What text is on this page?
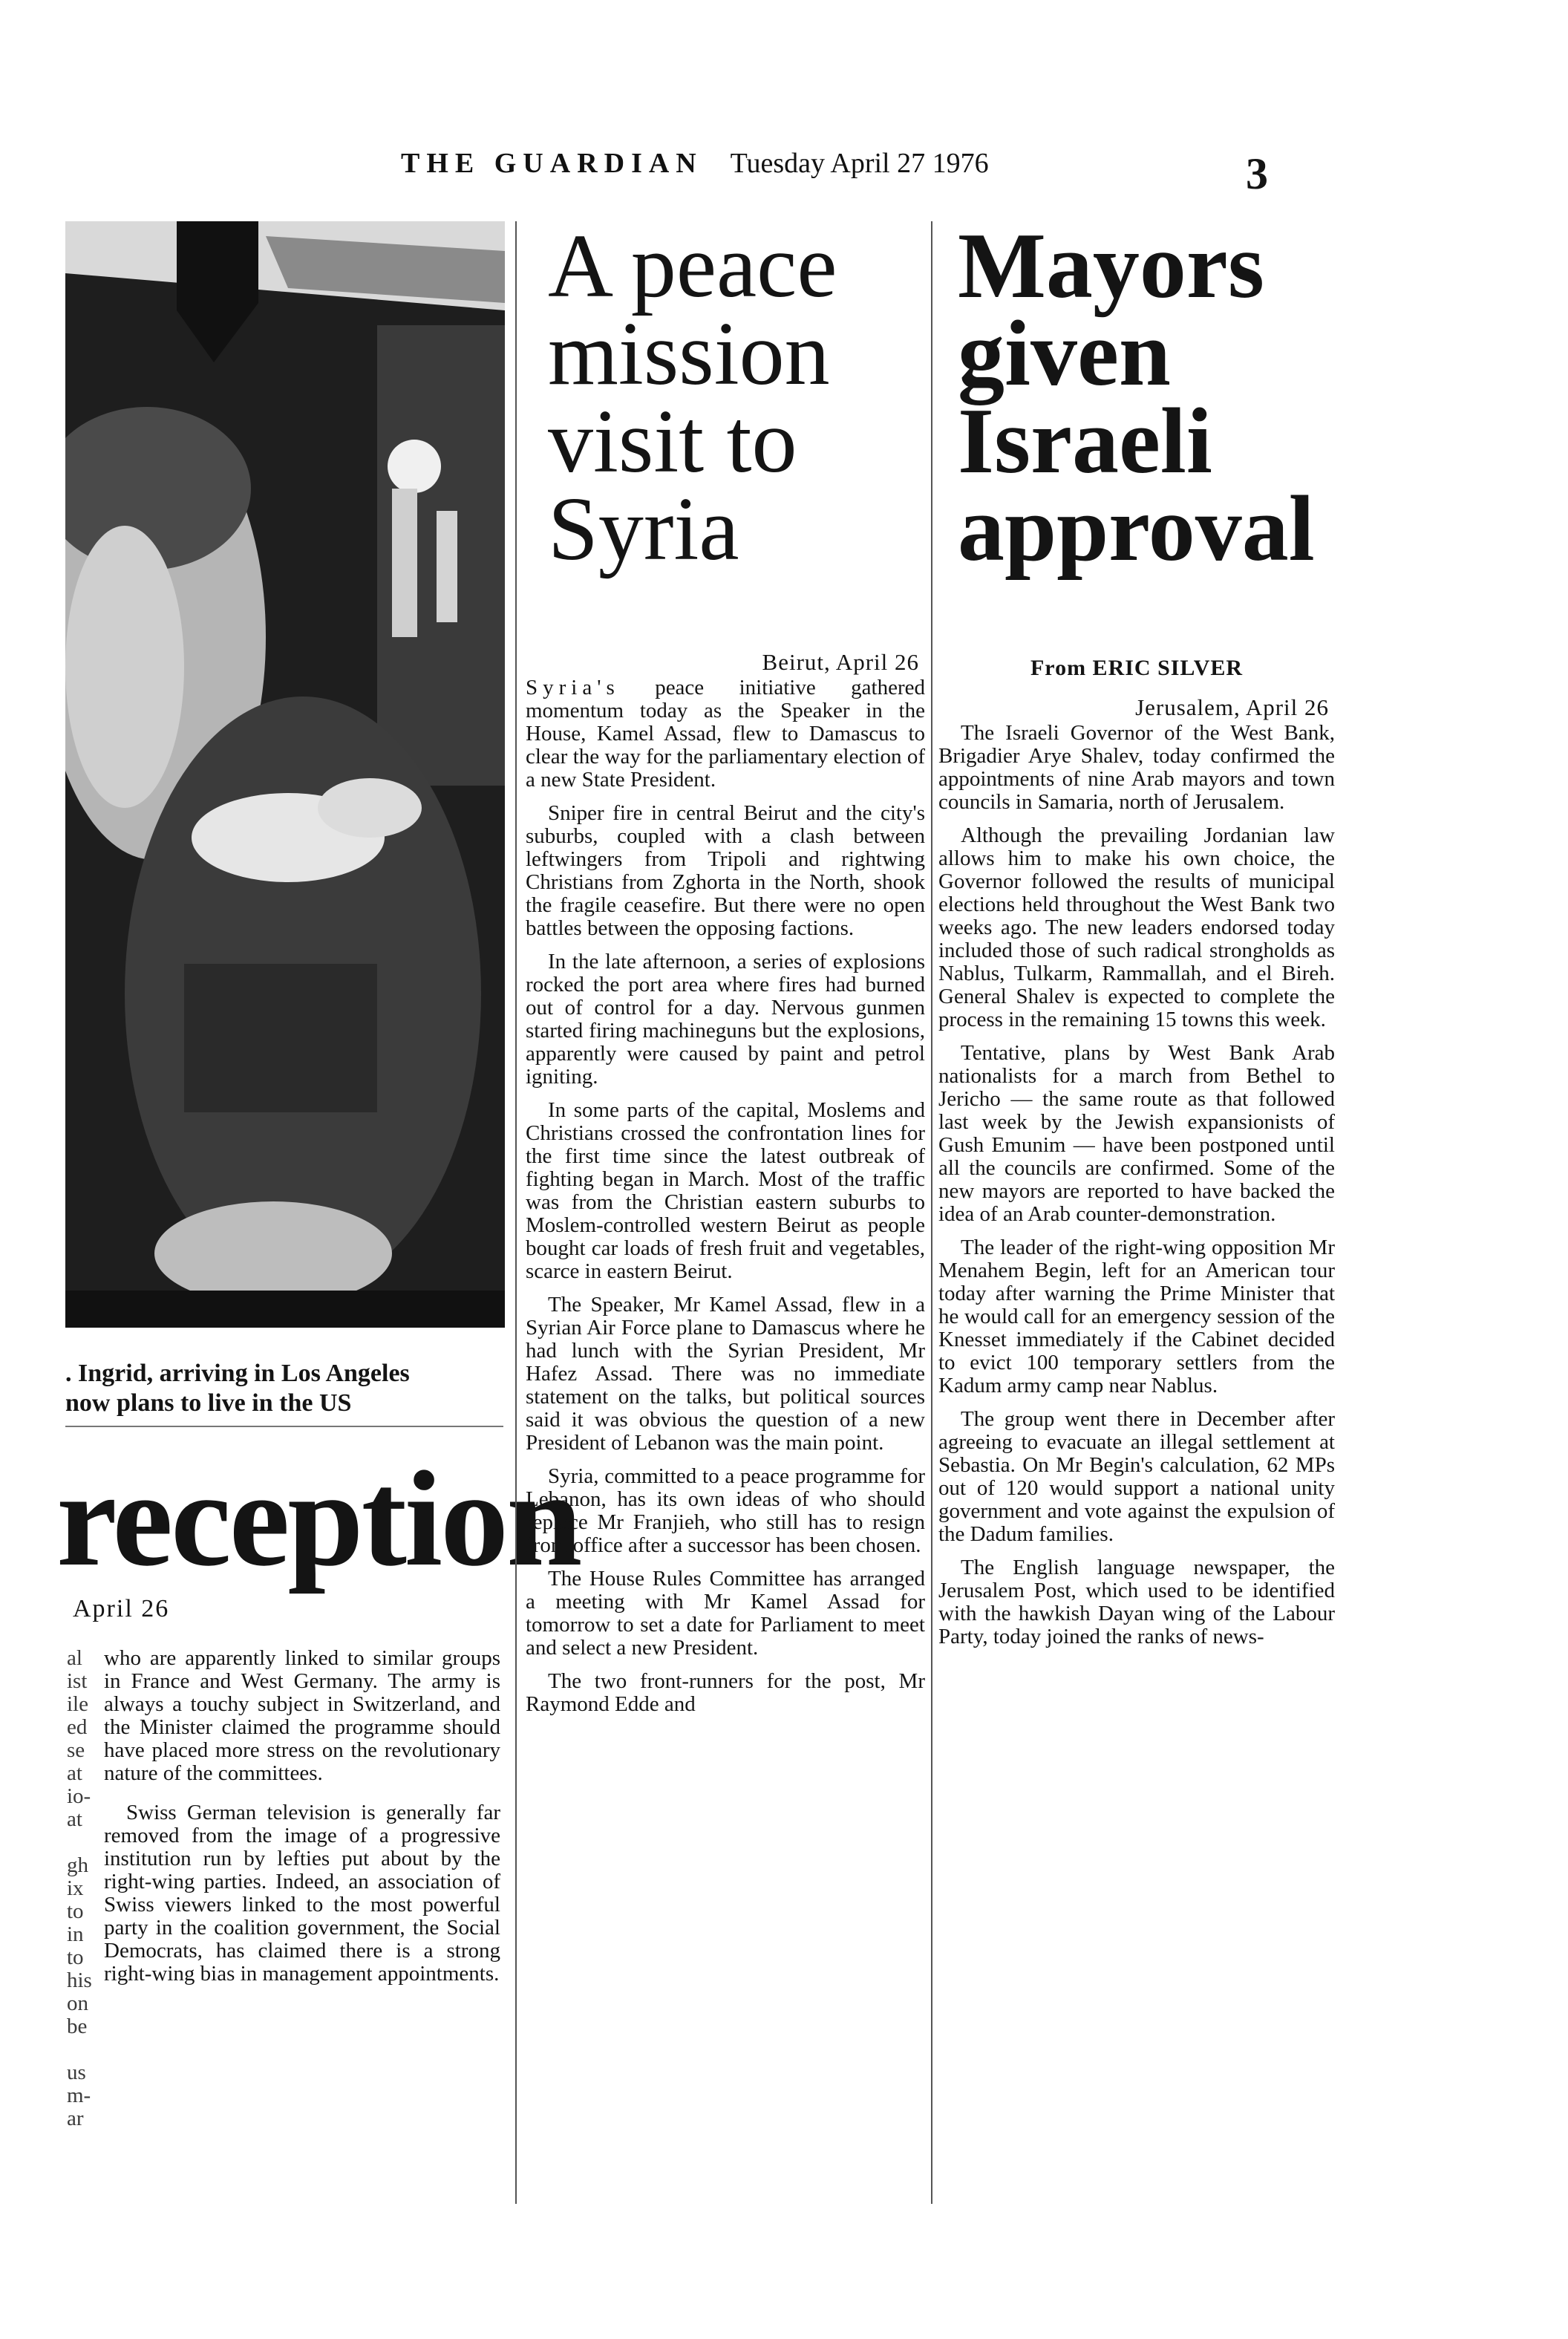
THE GUARDIAN Tuesday April 27 1976	3
. Ingrid, arriving in Los Angeles
now plans to live in the US
reception

April 26

al
ist
ile
ed
se
at
io-
at
gh
ix
to
in
to
his
on
be
us
m-
ar

who are apparently linked to similar groups in France and West Germany. The army is always a touchy subject in Switzerland, and the Minister claimed the programme should have placed more stress on the revolutionary nature of the committees.

Swiss German television is generally far removed from the image of a progressive institution run by lefties put about by the right-wing parties. Indeed, an association of Swiss viewers linked to the most powerful party in the coalition government, the Social Democrats, has claimed there is a strong right-wing bias in management appointments.

A peace
mission
visit to
Syria
Beirut, April 26

Syria's peace initiative gathered momentum today as the Speaker in the House, Kamel Assad, flew to Damascus to clear the way for the parliamentary election of a new State President.

Sniper fire in central Beirut and the city's suburbs, coupled with a clash between leftwingers from Tripoli and rightwing Christians from Zghorta in the North, shook the fragile ceasefire. But there were no open battles between the opposing factions.

In the late afternoon, a series of explosions rocked the port area where fires had burned out of control for a day. Nervous gunmen started firing machineguns but the explosions, apparently were caused by paint and petrol igniting.

In some parts of the capital, Moslems and Christians crossed the confrontation lines for the first time since the latest outbreak of fighting began in March. Most of the traffic was from the Christian eastern suburbs to Moslem-controlled western Beirut as people bought car loads of fresh fruit and vegetables, scarce in eastern Beirut.

The Speaker, Mr Kamel Assad, flew in a Syrian Air Force plane to Damascus where he had lunch with the Syrian President, Mr Hafez Assad. There was no immediate statement on the talks, but political sources said it was obvious the question of a new President of Lebanon was the main point.

Syria, committed to a peace programme for Lebanon, has its own ideas of who should replace Mr Franjieh, who still has to resign from office after a successor has been chosen.

The House Rules Committee has arranged a meeting with Mr Kamel Assad for tomorrow to set a date for Parliament to meet and select a new President.

The two front-runners for the post, Mr Raymond Edde and

Mayors
given
Israeli
approval
From ERIC SILVER
Jerusalem, April 26

The Israeli Governor of the West Bank, Brigadier Arye Shalev, today confirmed the appointments of nine Arab mayors and town councils in Samaria, north of Jerusalem.

Although the prevailing Jordanian law allows him to make his own choice, the Governor followed the results of municipal elections held throughout the West Bank two weeks ago. The new leaders endorsed today included those of such radical strongholds as Nablus, Tulkarm, Rammallah, and el Bireh. General Shalev is expected to complete the process in the remaining 15 towns this week.

Tentative, plans by West Bank Arab nationalists for a march from Bethel to Jericho — the same route as that followed last week by the Jewish expansionists of Gush Emunim — have been postponed until all the councils are confirmed. Some of the new mayors are reported to have backed the idea of an Arab counter-demonstration.

The leader of the right-wing opposition Mr Menahem Begin, left for an American tour today after warning the Prime Minister that he would call for an emergency session of the Knesset immediately if the Cabinet decided to evict 100 temporary settlers from the Kadum army camp near Nablus.

The group went there in December after agreeing to evacuate an illegal settlement at Sebastia. On Mr Begin's calculation, 62 MPs out of 120 would support a national unity government and vote against the expulsion of the Dadum families.

The English language newspaper, the Jerusalem Post, which used to be identified with the hawkish Dayan wing of the Labour Party, today joined the ranks of news-
